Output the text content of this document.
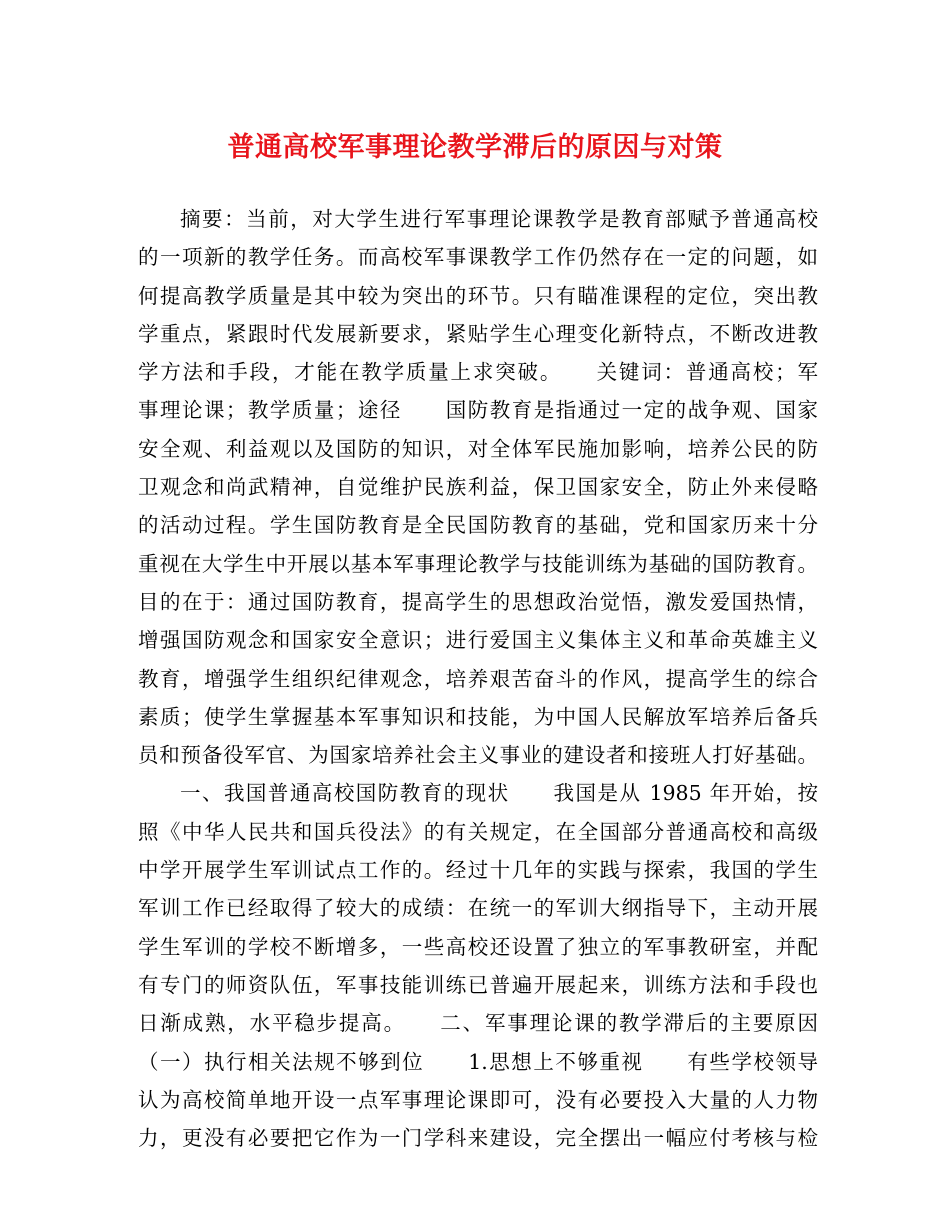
普通高校军事理论教学滞后的原因与对策
摘要：当前，对大学生进行军事理论课教学是教育部赋予普通高校
的一项新的教学任务。而高校军事课教学工作仍然存在一定的问题，如
何提高教学质量是其中较为突出的环节。只有瞄准课程的定位，突出教
学重点，紧跟时代发展新要求，紧贴学生心理变化新特点，不断改进教
学方法和手段，才能在教学质量上求突破。　　关键词：普通高校；军
事理论课；教学质量；途径　　国防教育是指通过一定的战争观、国家
安全观、利益观以及国防的知识，对全体军民施加影响，培养公民的防
卫观念和尚武精神，自觉维护民族利益，保卫国家安全，防止外来侵略
的活动过程。学生国防教育是全民国防教育的基础，党和国家历来十分
重视在大学生中开展以基本军事理论教学与技能训练为基础的国防教育。
目的在于：通过国防教育，提高学生的思想政治觉悟，激发爱国热情，
增强国防观念和国家安全意识；进行爱国主义集体主义和革命英雄主义
教育，增强学生组织纪律观念，培养艰苦奋斗的作风，提高学生的综合
素质；使学生掌握基本军事知识和技能，为中国人民解放军培养后备兵
员和预备役军官、为国家培养社会主义事业的建设者和接班人打好基础。
一、我国普通高校国防教育的现状　　我国是从 1985 年开始，按
照《中华人民共和国兵役法》的有关规定，在全国部分普通高校和高级
中学开展学生军训试点工作的。经过十几年的实践与探索，我国的学生
军训工作已经取得了较大的成绩：在统一的军训大纲指导下，主动开展
学生军训的学校不断增多，一些高校还设置了独立的军事教研室，并配
有专门的师资队伍，军事技能训练已普遍开展起来，训练方法和手段也
日渐成熟，水平稳步提高。　　二、军事理论课的教学滞后的主要原因
（一）执行相关法规不够到位　　1.思想上不够重视　　有些学校领导
认为高校简单地开设一点军事理论课即可，没有必要投入大量的人力物
力，更没有必要把它作为一门学科来建设，完全摆出一幅应付考核与检
